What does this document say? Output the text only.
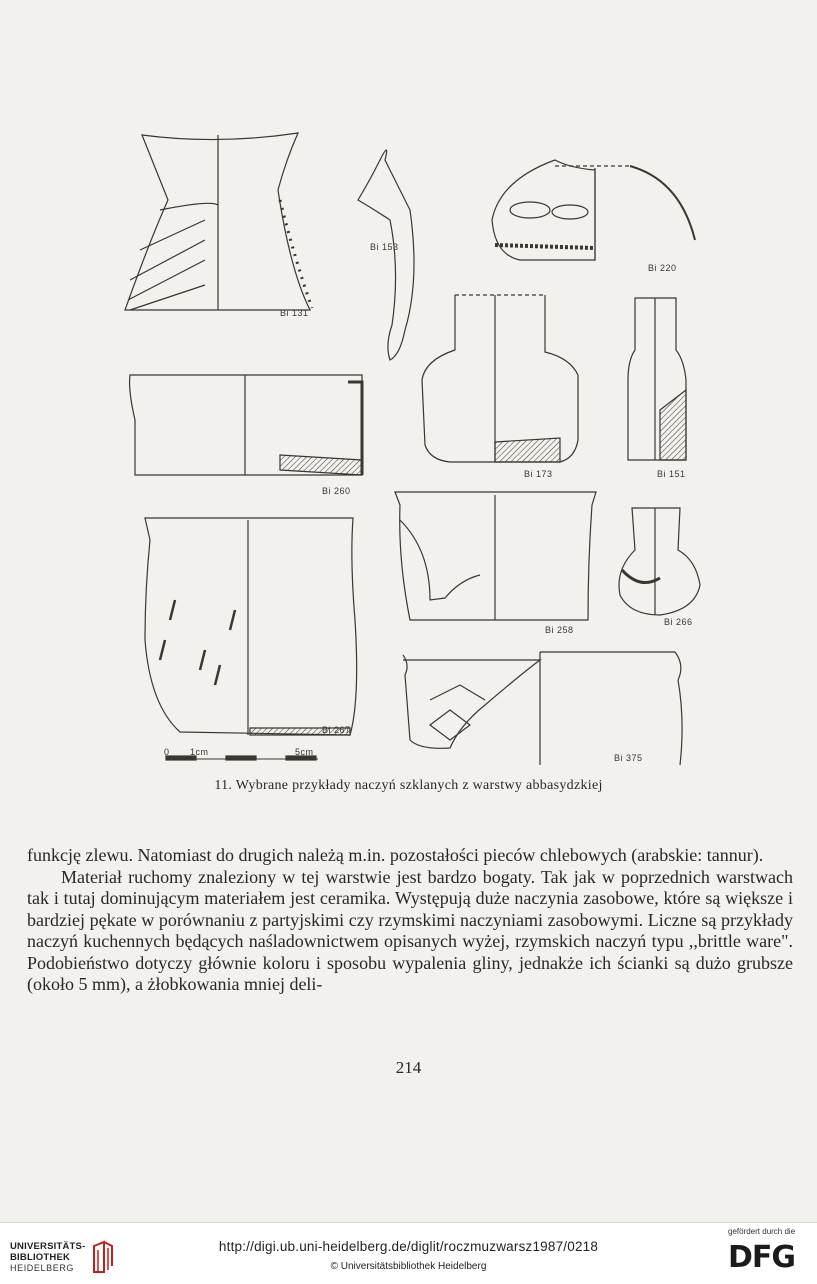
Bi 131
Bi 153
Bi 220
Bi 260
Bi 173	Bi 151
Bi 258
Bi 266
Bi 267
Bi 375
0 1cm	5cm
11. Wybrane przykłady naczyń szklanych z warstwy abbasydzkiej

funkcję zlewu. Natomiast do drugich należą m.in. pozostałości pieców chlebowych (arabskie: tannur).

Materiał ruchomy znaleziony w tej warstwie jest bardzo bogaty. Tak jak w poprzednich warstwach tak i tutaj dominującym materiałem jest ceramika. Występują duże naczynia zasobowe, które są większe i bardziej pękate w porównaniu z partyjskimi czy rzymskimi naczyniami zasobowymi. Liczne są przykłady naczyń kuchennych będących naśladownictwem opisanych wyżej, rzymskich naczyń typu ,,brittle ware". Podobieństwo dotyczy głównie koloru i sposobu wypalenia gliny, jednakże ich ścianki są dużo grubsze (około 5 mm), a żłobkowania mniej deli-

214
UNIVERSITÄTS-
BIBLIOTHEK
HEIDELBERG
http://digi.ub.uni-heidelberg.de/diglit/roczmuzwarsz1987/0218
© Universitätsbibliothek Heidelberg
gefördert durch die
DFG
